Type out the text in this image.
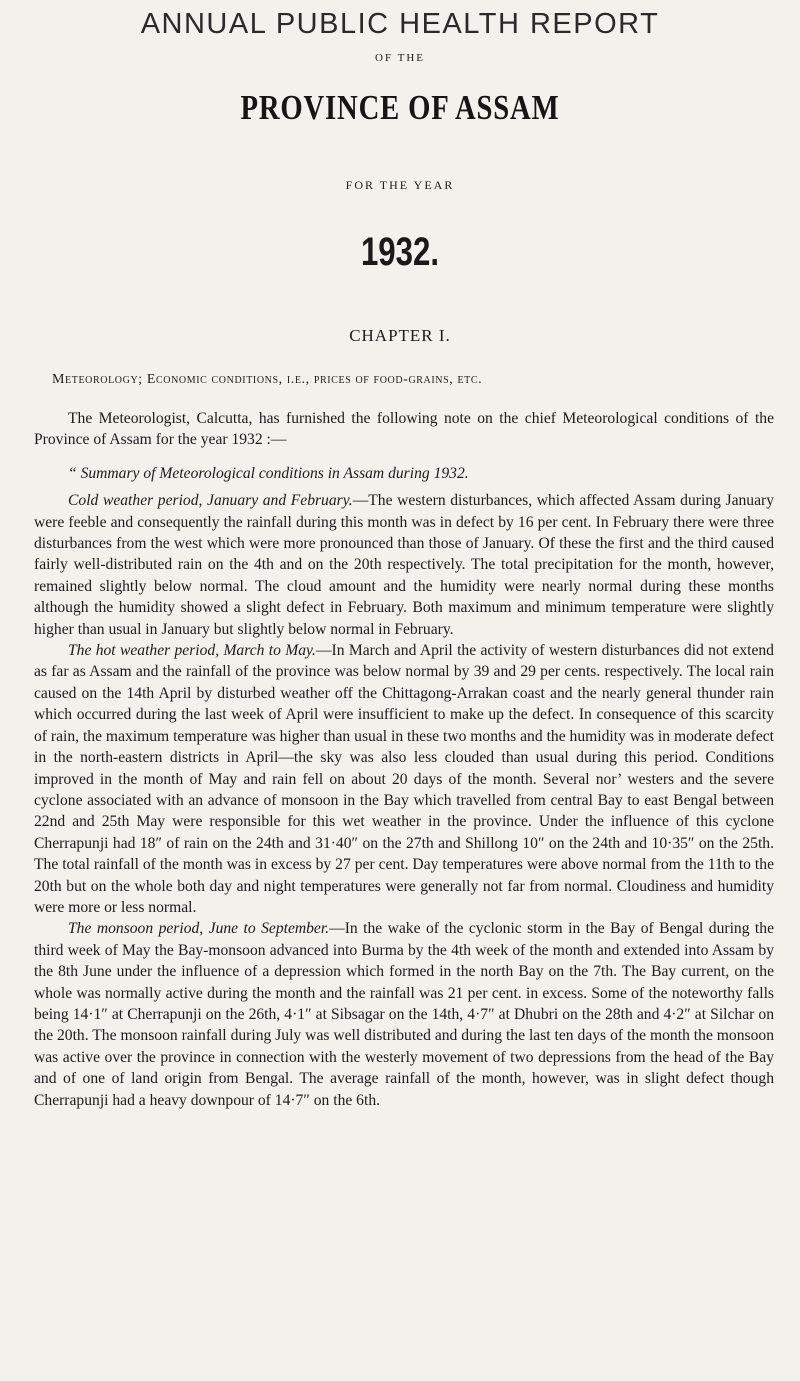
ANNUAL PUBLIC HEALTH REPORT
OF THE
PROVINCE OF ASSAM
FOR THE YEAR
1932.
CHAPTER I.
Meteorology; Economic conditions, i.e., prices of food-grains, etc.

The Meteorologist, Calcutta, has furnished the following note on the chief Meteorological conditions of the Province of Assam for the year 1932 :—

“ Summary of Meteorological conditions in Assam during 1932.

Cold weather period, January and February.—The western disturbances, which affected Assam during January were feeble and consequently the rainfall during this month was in defect by 16 per cent. In February there were three disturbances from the west which were more pronounced than those of January. Of these the first and the third caused fairly well-distributed rain on the 4th and on the 20th respectively. The total precipitation for the month, however, remained slightly below normal. The cloud amount and the humidity were nearly normal during these months although the humidity showed a slight defect in February. Both maximum and minimum temperature were slightly higher than usual in January but slightly below normal in February.

The hot weather period, March to May.—In March and April the activity of western disturbances did not extend as far as Assam and the rainfall of the province was below normal by 39 and 29 per cents. respectively. The local rain caused on the 14th April by disturbed weather off the Chittagong-Arrakan coast and the nearly general thunder rain which occurred during the last week of April were insufficient to make up the defect. In consequence of this scarcity of rain, the maximum temperature was higher than usual in these two months and the humidity was in moderate defect in the north-eastern districts in April—the sky was also less clouded than usual during this period. Conditions improved in the month of May and rain fell on about 20 days of the month. Several nor’ westers and the severe cyclone associated with an advance of monsoon in the Bay which travelled from central Bay to east Bengal between 22nd and 25th May were responsible for this wet weather in the province. Under the influence of this cyclone Cherrapunji had 18″ of rain on the 24th and 31·40″ on the 27th and Shillong 10″ on the 24th and 10·35″ on the 25th. The total rainfall of the month was in excess by 27 per cent. Day temperatures were above normal from the 11th to the 20th but on the whole both day and night temperatures were generally not far from normal. Cloudiness and humidity were more or less normal.

The monsoon period, June to September.—In the wake of the cyclonic storm in the Bay of Bengal during the third week of May the Bay-monsoon advanced into Burma by the 4th week of the month and extended into Assam by the 8th June under the influence of a depression which formed in the north Bay on the 7th. The Bay current, on the whole was normally active during the month and the rainfall was 21 per cent. in excess. Some of the noteworthy falls being 14·1″ at Cherrapunji on the 26th, 4·1″ at Sibsagar on the 14th, 4·7″ at Dhubri on the 28th and 4·2″ at Silchar on the 20th. The monsoon rainfall during July was well distributed and during the last ten days of the month the monsoon was active over the province in connection with the westerly movement of two depressions from the head of the Bay and of one of land origin from Bengal. The average rainfall of the month, however, was in slight defect though Cherrapunji had a heavy downpour of 14·7″ on the 6th.
